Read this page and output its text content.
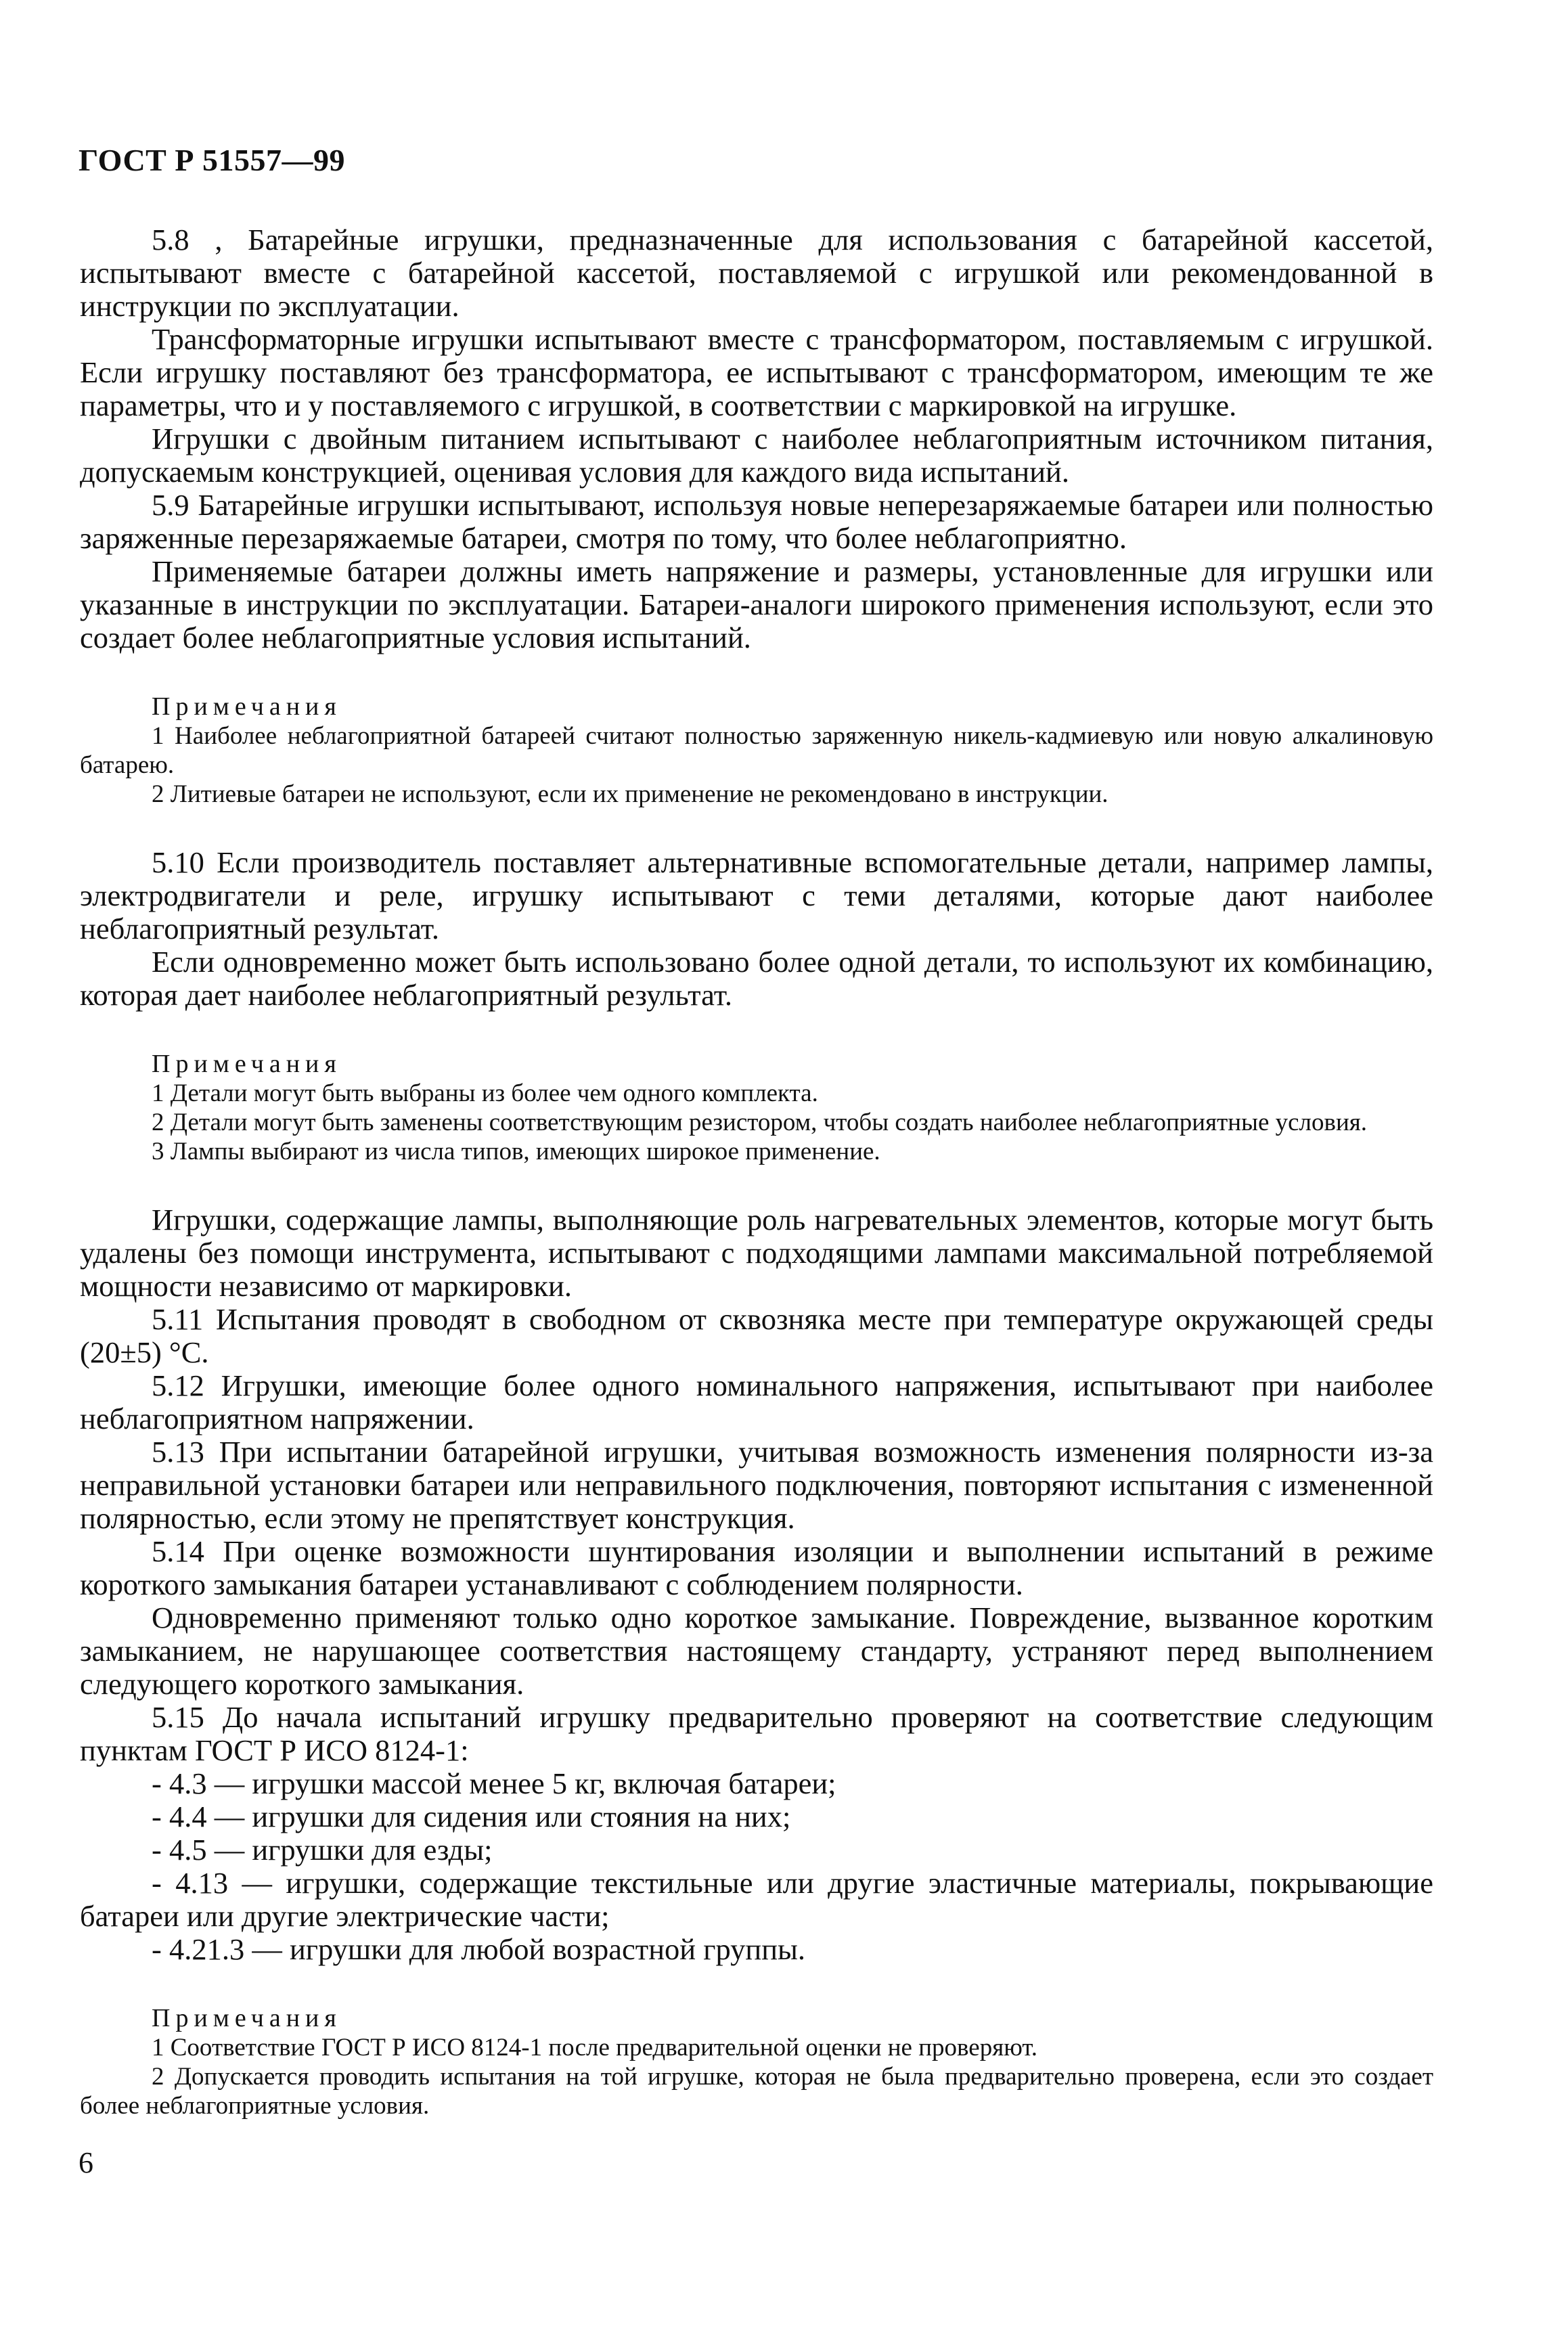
ГОСТ Р 51557—99

5.8 , Батарейные игрушки, предназначенные для использования с батарейной кассетой, испытывают вместе с батарейной кассетой, поставляемой с игрушкой или рекомендованной в инструкции по эксплуатации.

Трансформаторные игрушки испытывают вместе с трансформатором, поставляемым с игрушкой. Если игрушку поставляют без трансформатора, ее испытывают с трансформатором, имеющим те же параметры, что и у поставляемого с игрушкой, в соответствии с маркировкой на игрушке.

Игрушки с двойным питанием испытывают с наиболее неблагоприятным источником питания, допускаемым конструкцией, оценивая условия для каждого вида испытаний.

5.9 Батарейные игрушки испытывают, используя новые неперезаряжаемые батареи или полностью заряженные перезаряжаемые батареи, смотря по тому, что более неблагоприятно.

Применяемые батареи должны иметь напряжение и размеры, установленные для игрушки или указанные в инструкции по эксплуатации. Батареи-аналоги широкого применения используют, если это создает более неблагоприятные условия испытаний.

Примечания
1 Наиболее неблагоприятной батареей считают полностью заряженную никель-кадмиевую или новую алкалиновую батарею.
2 Литиевые батареи не используют, если их применение не рекомендовано в инструкции.

5.10 Если производитель поставляет альтернативные вспомогательные детали, например лампы, электродвигатели и реле, игрушку испытывают с теми деталями, которые дают наиболее неблагоприятный результат.

Если одновременно может быть использовано более одной детали, то используют их комбинацию, которая дает наиболее неблагоприятный результат.

Примечания
1 Детали могут быть выбраны из более чем одного комплекта.
2 Детали могут быть заменены соответствующим резистором, чтобы создать наиболее неблагоприятные условия.
3 Лампы выбирают из числа типов, имеющих широкое применение.

Игрушки, содержащие лампы, выполняющие роль нагревательных элементов, которые могут быть удалены без помощи инструмента, испытывают с подходящими лампами максимальной потребляемой мощности независимо от маркировки.

5.11 Испытания проводят в свободном от сквозняка месте при температуре окружающей среды (20±5) °С.

5.12 Игрушки, имеющие более одного номинального напряжения, испытывают при наиболее неблагоприятном напряжении.

5.13 При испытании батарейной игрушки, учитывая возможность изменения полярности из-за неправильной установки батареи или неправильного подключения, повторяют испытания с измененной полярностью, если этому не препятствует конструкция.

5.14 При оценке возможности шунтирования изоляции и выполнении испытаний в режиме короткого замыкания батареи устанавливают с соблюдением полярности.

Одновременно применяют только одно короткое замыкание. Повреждение, вызванное коротким замыканием, не нарушающее соответствия настоящему стандарту, устраняют перед выполнением следующего короткого замыкания.

5.15 До начала испытаний игрушку предварительно проверяют на соответствие следующим пунктам ГОСТ Р ИСО 8124-1:

- 4.3 — игрушки массой менее 5 кг, включая батареи;
- 4.4 — игрушки для сидения или стояния на них;
- 4.5 — игрушки для езды;
- 4.13 — игрушки, содержащие текстильные или другие эластичные материалы, покрывающие батареи или другие электрические части;
- 4.21.3 — игрушки для любой возрастной группы.
Примечания
1 Соответствие ГОСТ Р ИСО 8124-1 после предварительной оценки не проверяют.
2 Допускается проводить испытания на той игрушке, которая не была предварительно проверена, если это создает более неблагоприятные условия.
6
